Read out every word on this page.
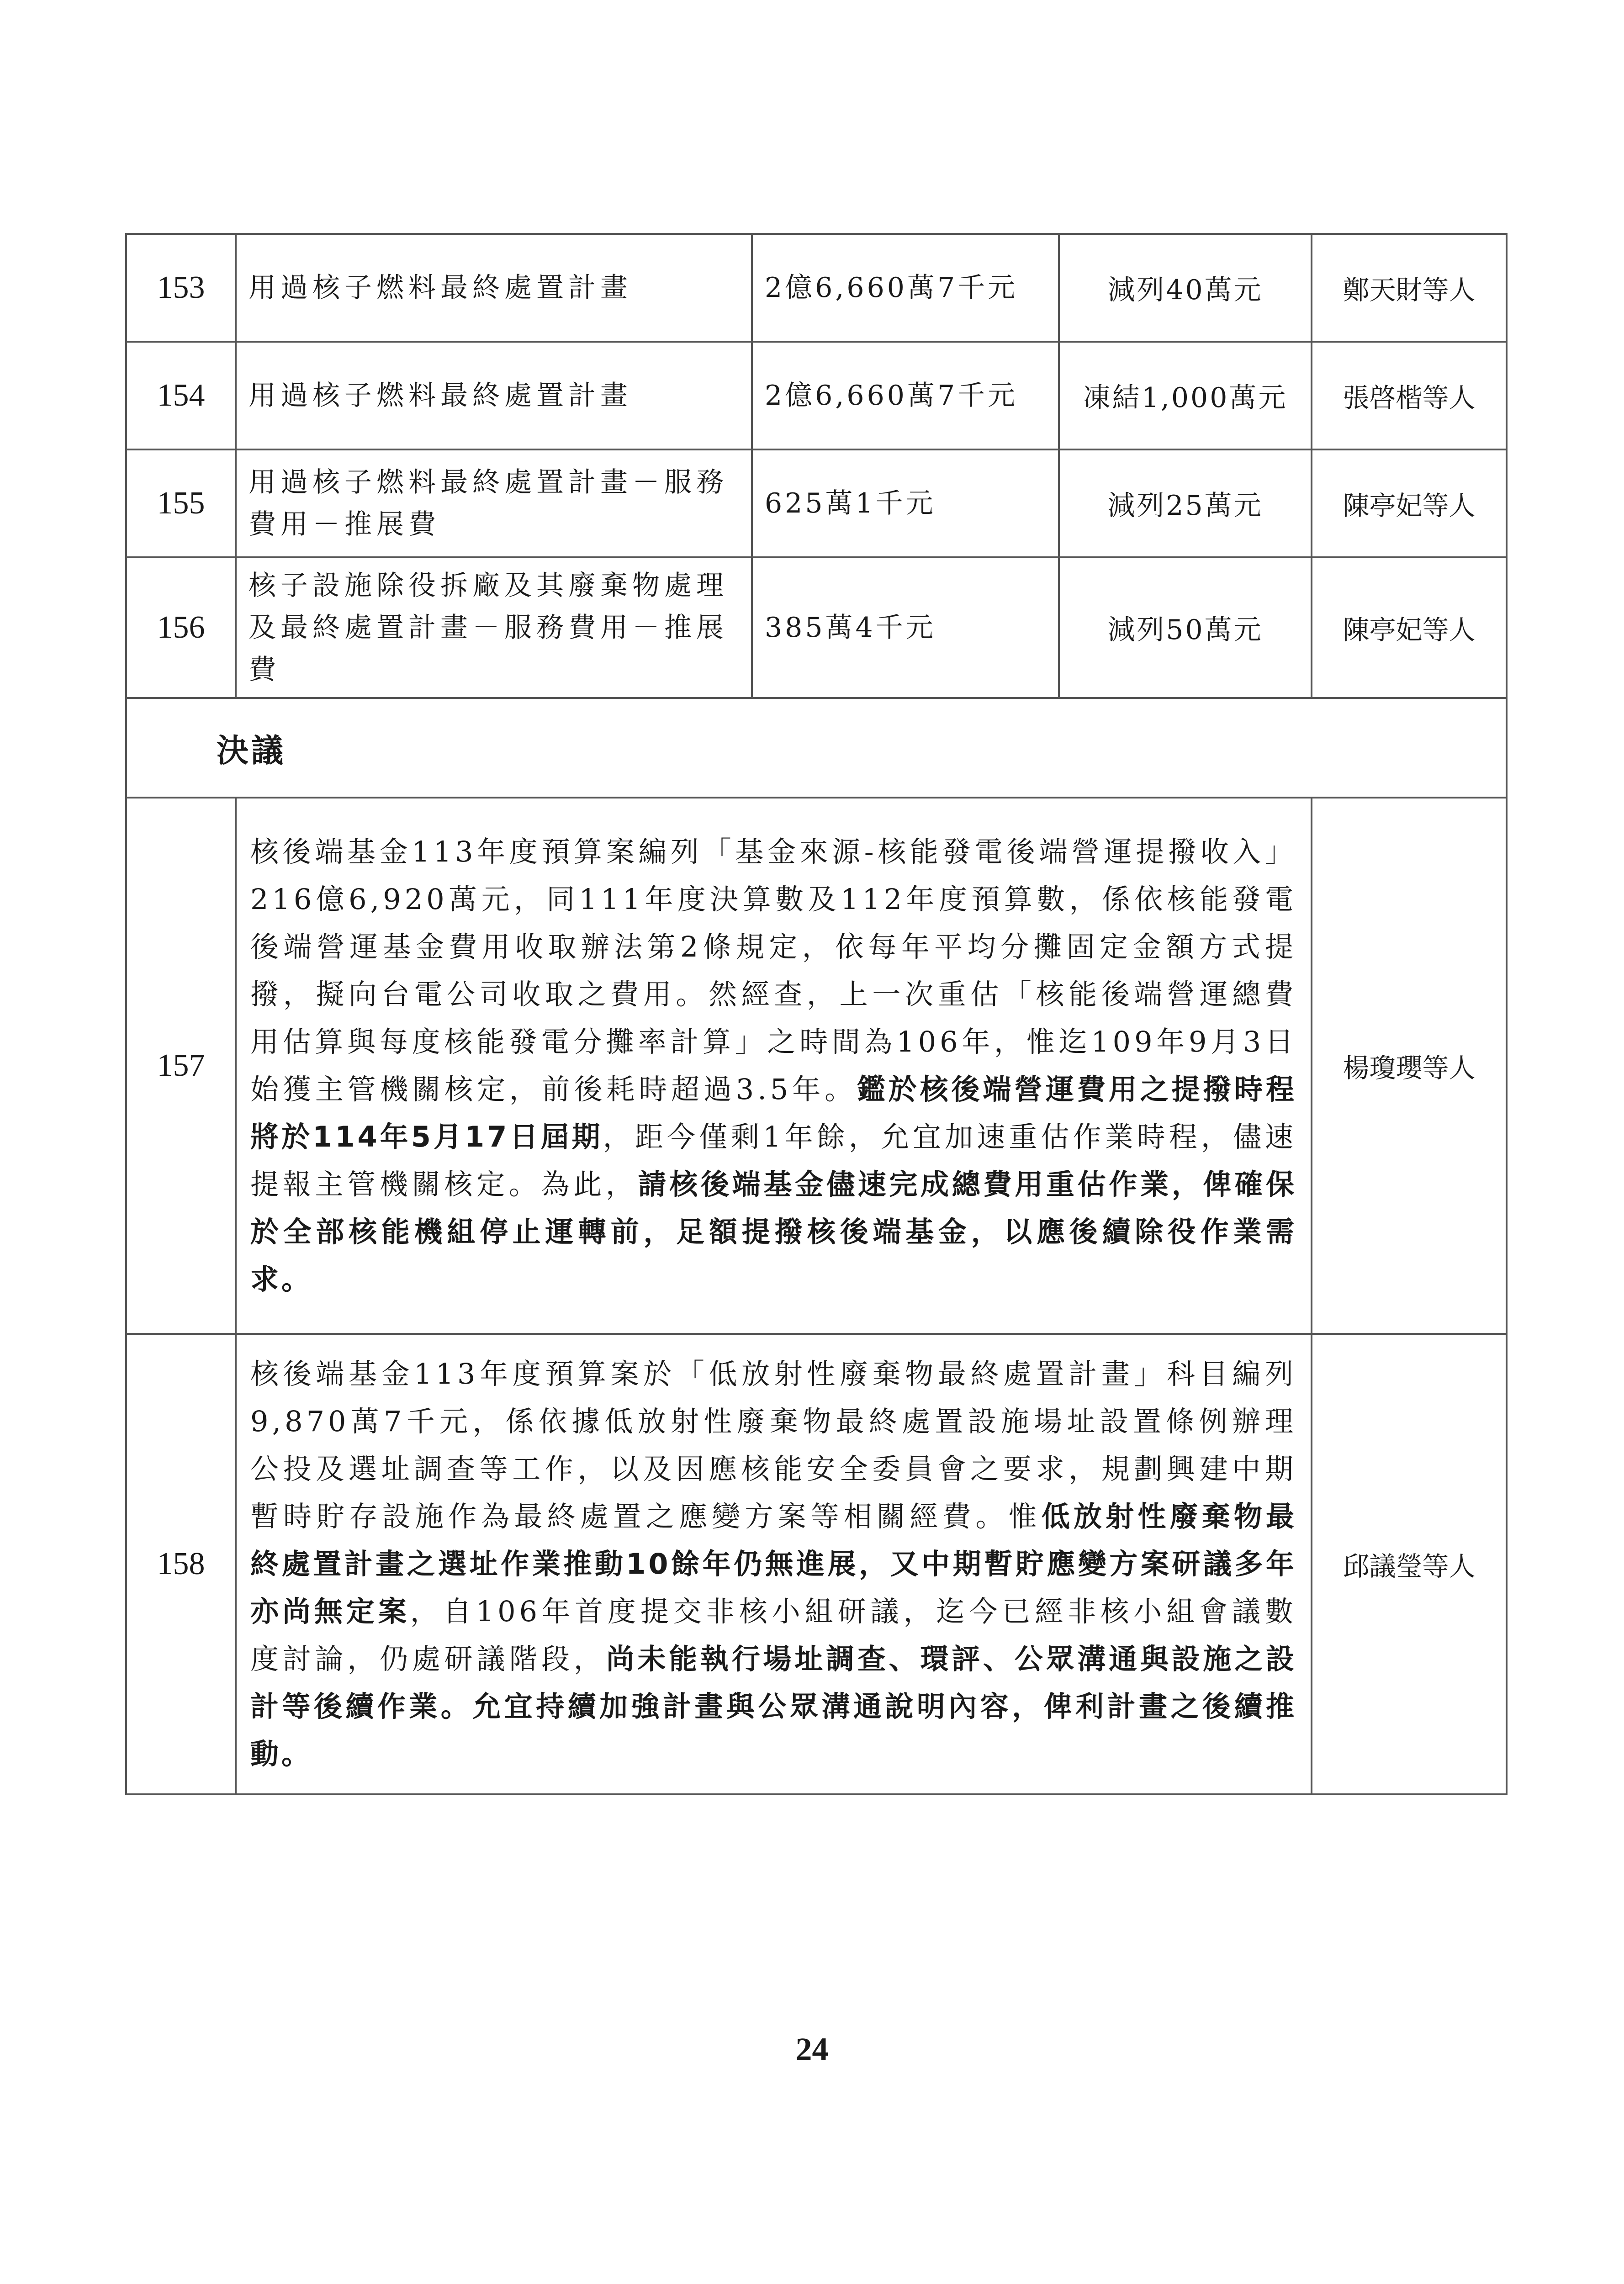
153	用過核子燃料最終處置計畫	2億6,660萬7千元	減列40萬元	鄭天財等人
154	用過核子燃料最終處置計畫	2億6,660萬7千元	凍結1,000萬元	張啓楷等人
155	用過核子燃料最終處置計畫－服務費用－推展費	625萬1千元	減列25萬元	陳亭妃等人
156	核子設施除役拆廠及其廢棄物處理及最終處置計畫－服務費用－推展費	385萬4千元	減列50萬元	陳亭妃等人
決議				
157	核後端基金113年度預算案編列「基金來源-核能發電後端營運提撥收入」216億6,920萬元，同111年度決算數及112年度預算數，係依核能發電後端營運基金費用收取辦法第2條規定，依每年平均分攤固定金額方式提撥，擬向台電公司收取之費用。然經查，上一次重估「核能後端營運總費用估算與每度核能發電分攤率計算」之時間為106年，惟迄109年9月3日始獲主管機關核定，前後耗時超過3.5年。鑑於核後端營運費用之提撥時程將於114年5月17日屆期，距今僅剩1年餘，允宜加速重估作業時程，儘速提報主管機關核定。為此，請核後端基金儘速完成總費用重估作業，俾確保於全部核能機組停止運轉前，足額提撥核後端基金，以應後續除役作業需求。			楊瓊瓔等人
158	核後端基金113年度預算案於「低放射性廢棄物最終處置計畫」科目編列9,870萬7千元，係依據低放射性廢棄物最終處置設施場址設置條例辦理公投及選址調查等工作，以及因應核能安全委員會之要求，規劃興建中期暫時貯存設施作為最終處置之應變方案等相關經費。惟低放射性廢棄物最終處置計畫之選址作業推動10餘年仍無進展，又中期暫貯應變方案研議多年亦尚無定案，自106年首度提交非核小組研議，迄今已經非核小組會議數度討論，仍處研議階段，尚未能執行場址調查、環評、公眾溝通與設施之設計等後續作業。允宜持續加強計畫與公眾溝通說明內容，俾利計畫之後續推動。			邱議瑩等人
24
